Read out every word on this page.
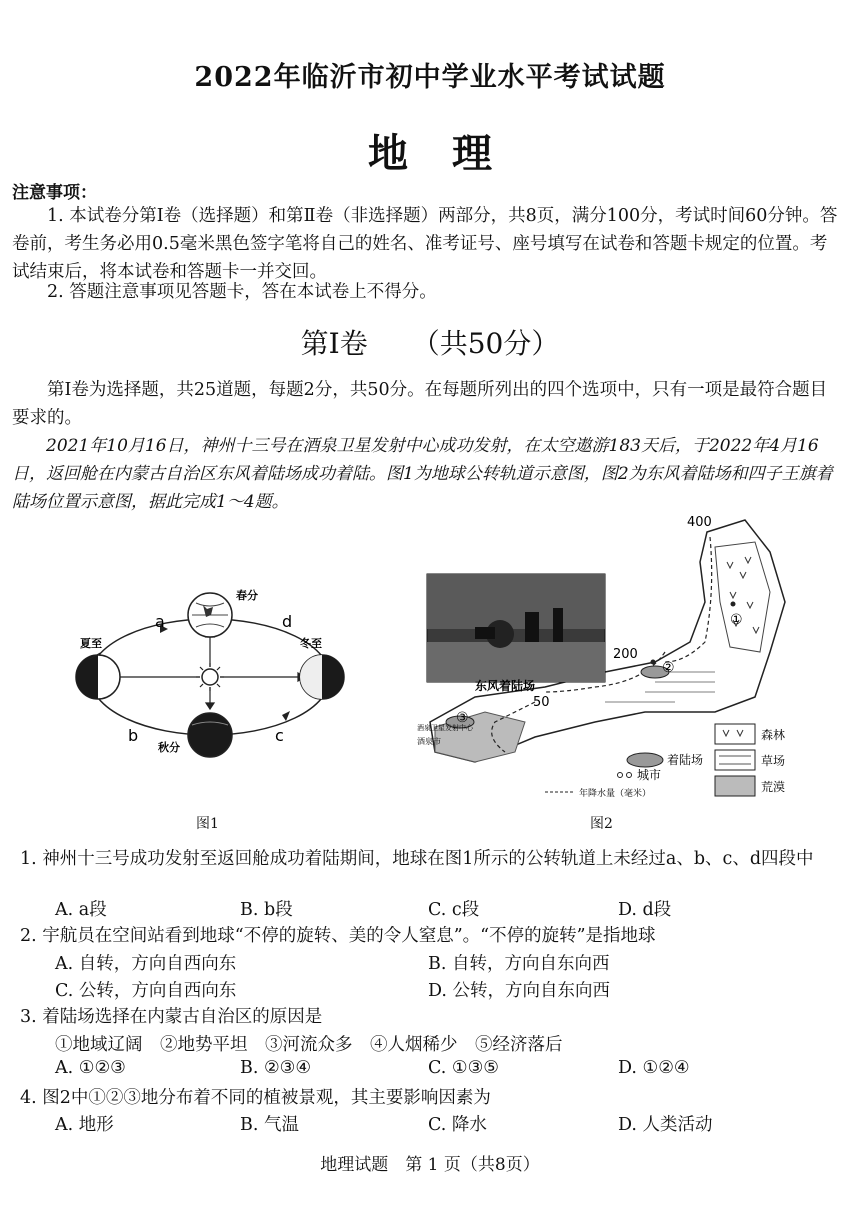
2022年临沂市初中学业水平考试试题
地理
注意事项：
1. 本试卷分第Ⅰ卷（选择题）和第Ⅱ卷（非选择题）两部分，共8页，满分100分，考试时间60分钟。答卷前，考生务必用0.5毫米黑色签字笔将自己的姓名、准考证号、座号填写在试卷和答题卡规定的位置。考试结束后，将本试卷和答题卡一并交回。
2. 答题注意事项见答题卡，答在本试卷上不得分。
第Ⅰ卷 （共50分）
第Ⅰ卷为选择题，共25道题，每题2分，共50分。在每题所列出的四个选项中，只有一项是最符合题目要求的。
2021年10月16日，神州十三号在酒泉卫星发射中心成功发射，在太空遨游183天后，于2022年4月16日，返回舱在内蒙古自治区东风着陆场成功着陆。图1为地球公转轨道示意图，图2为东风着陆场和四子王旗着陆场位置示意图，据此完成1～4题。
a	d
b	c
春分
夏至
秋分
冬至
图1
东风着陆场
400
200
50
①
②
③
酒泉卫星发射中心
酒泉市	森林
草场
荒漠
着陆场
城市
年降水量（毫米）
图2
1. 神州十三号成功发射至返回舱成功着陆期间，地球在图1所示的公转轨道上未经过a、b、c、d四段中
A. a段	B. b段	C. c段	D. d段
2. 宇航员在空间站看到地球“不停的旋转、美的令人窒息”。“不停的旋转”是指地球
A. 自转，方向自西向东	B. 自转，方向自东向西
C. 公转，方向自西向东	D. 公转，方向自东向西
3. 着陆场选择在内蒙古自治区的原因是
①地域辽阔　②地势平坦　③河流众多　④人烟稀少　⑤经济落后
A. ①②③	B. ②③④	C. ①③⑤	D. ①②④
4. 图2中①②③地分布着不同的植被景观，其主要影响因素为
A. 地形	B. 气温	C. 降水	D. 人类活动
地理试题　第 1 页（共8页）
